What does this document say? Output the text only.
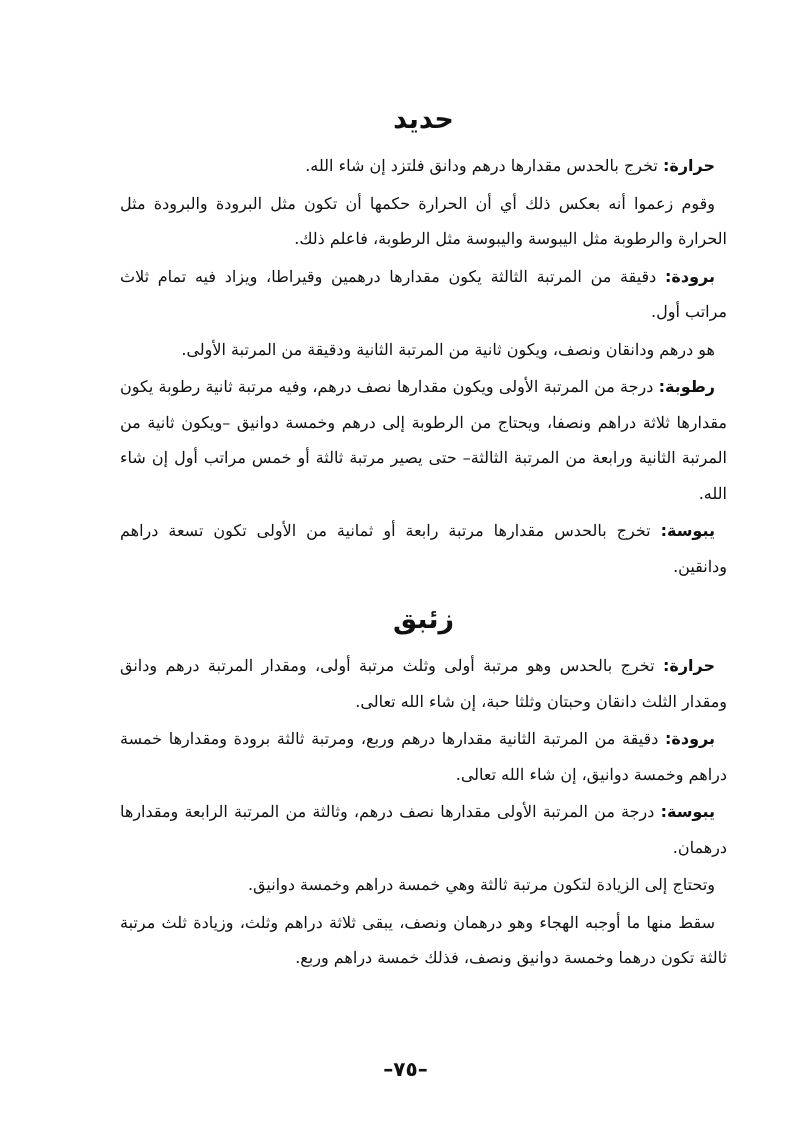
حديد

حرارة: تخرج بالحدس مقدارها درهم ودانق فلتزد إن شاء الله.

وقوم زعموا أنه بعكس ذلك أي أن الحرارة حكمها أن تكون مثل البرودة والبرودة مثل الحرارة والرطوبة مثل اليبوسة واليبوسة مثل الرطوبة، فاعلم ذلك.

برودة: دقيقة من المرتبة الثالثة يكون مقدارها درهمين وقيراطا، ويزاد فيه تمام ثلاث مراتب أول.

هو درهم ودانقان ونصف، ويكون ثانية من المرتبة الثانية ودقيقة من المرتبة الأولى.

رطوبة: درجة من المرتبة الأولى ويكون مقدارها نصف درهم، وفيه مرتبة ثانية رطوبة يكون مقدارها ثلاثة دراهم ونصفا، ويحتاج من الرطوبة إلى درهم وخمسة دوانيق –ويكون ثانية من المرتبة الثانية ورابعة من المرتبة الثالثة– حتى يصير مرتبة ثالثة أو خمس مراتب أول إن شاء الله.

يبوسة: تخرج بالحدس مقدارها مرتبة رابعة أو ثمانية من الأولى تكون تسعة دراهم ودانقين.

زئبق

حرارة: تخرج بالحدس وهو مرتبة أولى وثلث مرتبة أولى، ومقدار المرتبة درهم ودانق ومقدار الثلث دانقان وحبتان وثلثا حبة، إن شاء الله تعالى.

برودة: دقيقة من المرتبة الثانية مقدارها درهم وربع، ومرتبة ثالثة برودة ومقدارها خمسة دراهم وخمسة دوانيق، إن شاء الله تعالى.

يبوسة: درجة من المرتبة الأولى مقدارها نصف درهم، وثالثة من المرتبة الرابعة ومقدارها درهمان.

وتحتاج إلى الزيادة لتكون مرتبة ثالثة وهي خمسة دراهم وخمسة دوانيق.

سقط منها ما أوجبه الهجاء وهو درهمان ونصف، يبقى ثلاثة دراهم وثلث، وزيادة ثلث مرتبة ثالثة تكون درهما وخمسة دوانيق ونصف، فذلك خمسة دراهم وربع.

–٧٥–
